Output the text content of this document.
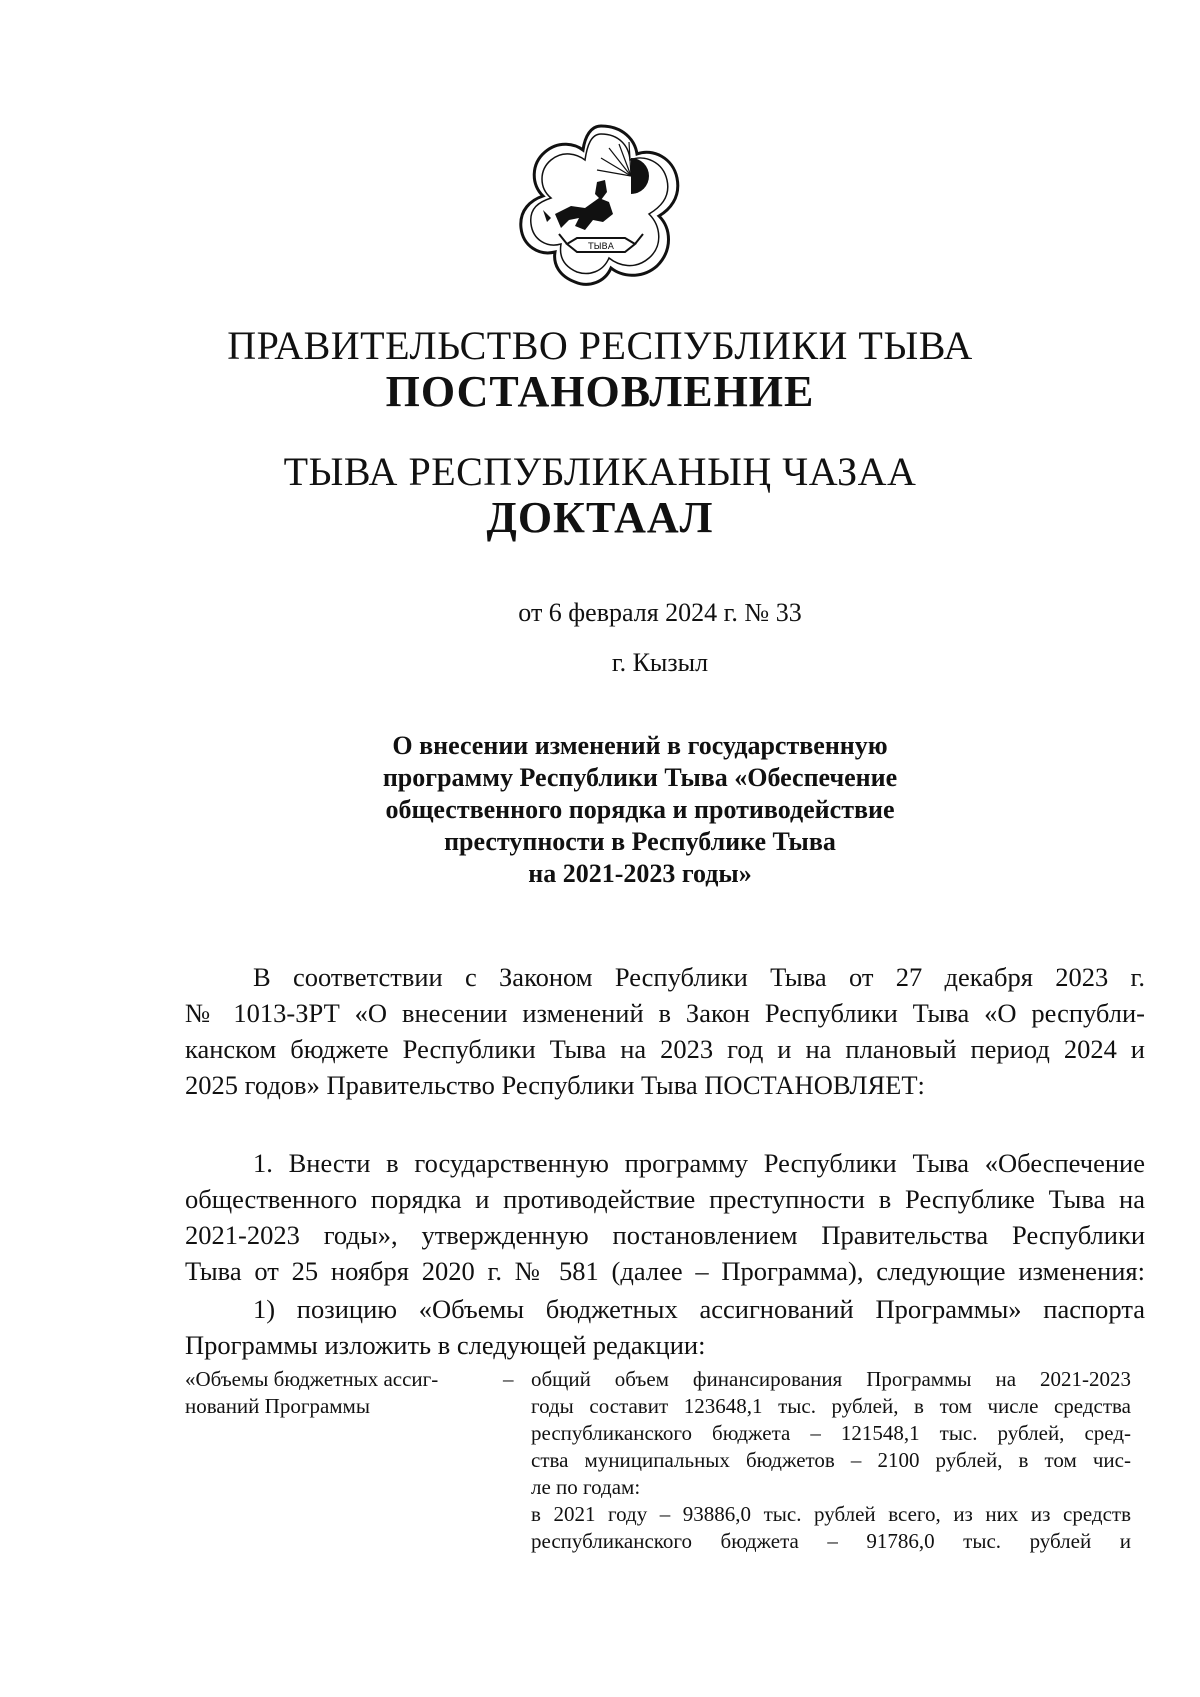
ТЫВА
ПРАВИТЕЛЬСТВО РЕСПУБЛИКИ ТЫВА
ПОСТАНОВЛЕНИЕ
ТЫВА РЕСПУБЛИКАНЫҢ ЧАЗАА
ДОКТААЛ
от 6 февраля 2024 г. № 33
г. Кызыл
О внесении изменений в государственную
программу Республики Тыва «Обеспечение
общественного порядка и противодействие
преступности в Республике Тыва
на 2021-2023 годы»
В соответствии с Законом Республики Тыва от 27 декабря 2023 г.
№ 1013-ЗРТ «О внесении изменений в Закон Республики Тыва «О республи-
канском бюджете Республики Тыва на 2023 год и на плановый период 2024 и
2025 годов» Правительство Республики Тыва ПОСТАНОВЛЯЕТ:
1. Внести в государственную программу Республики Тыва «Обеспечение
общественного порядка и противодействие преступности в Республике Тыва на
2021-2023 годы», утвержденную постановлением Правительства Республики
Тыва от 25 ноября 2020 г. № 581 (далее – Программа), следующие изменения:
1) позицию «Объемы бюджетных ассигнований Программы» паспорта
Программы изложить в следующей редакции:
«Объемы бюджетных ассиг-
нований Программы
– общий объем финансирования Программы на 2021-2023
годы составит 123648,1 тыс. рублей, в том числе средства
республиканского бюджета – 121548,1 тыс. рублей, сред-
ства муниципальных бюджетов – 2100 рублей, в том чис-
ле по годам:
в 2021 году – 93886,0 тыс. рублей всего, из них из средств
республиканского бюджета – 91786,0 тыс. рублей и
